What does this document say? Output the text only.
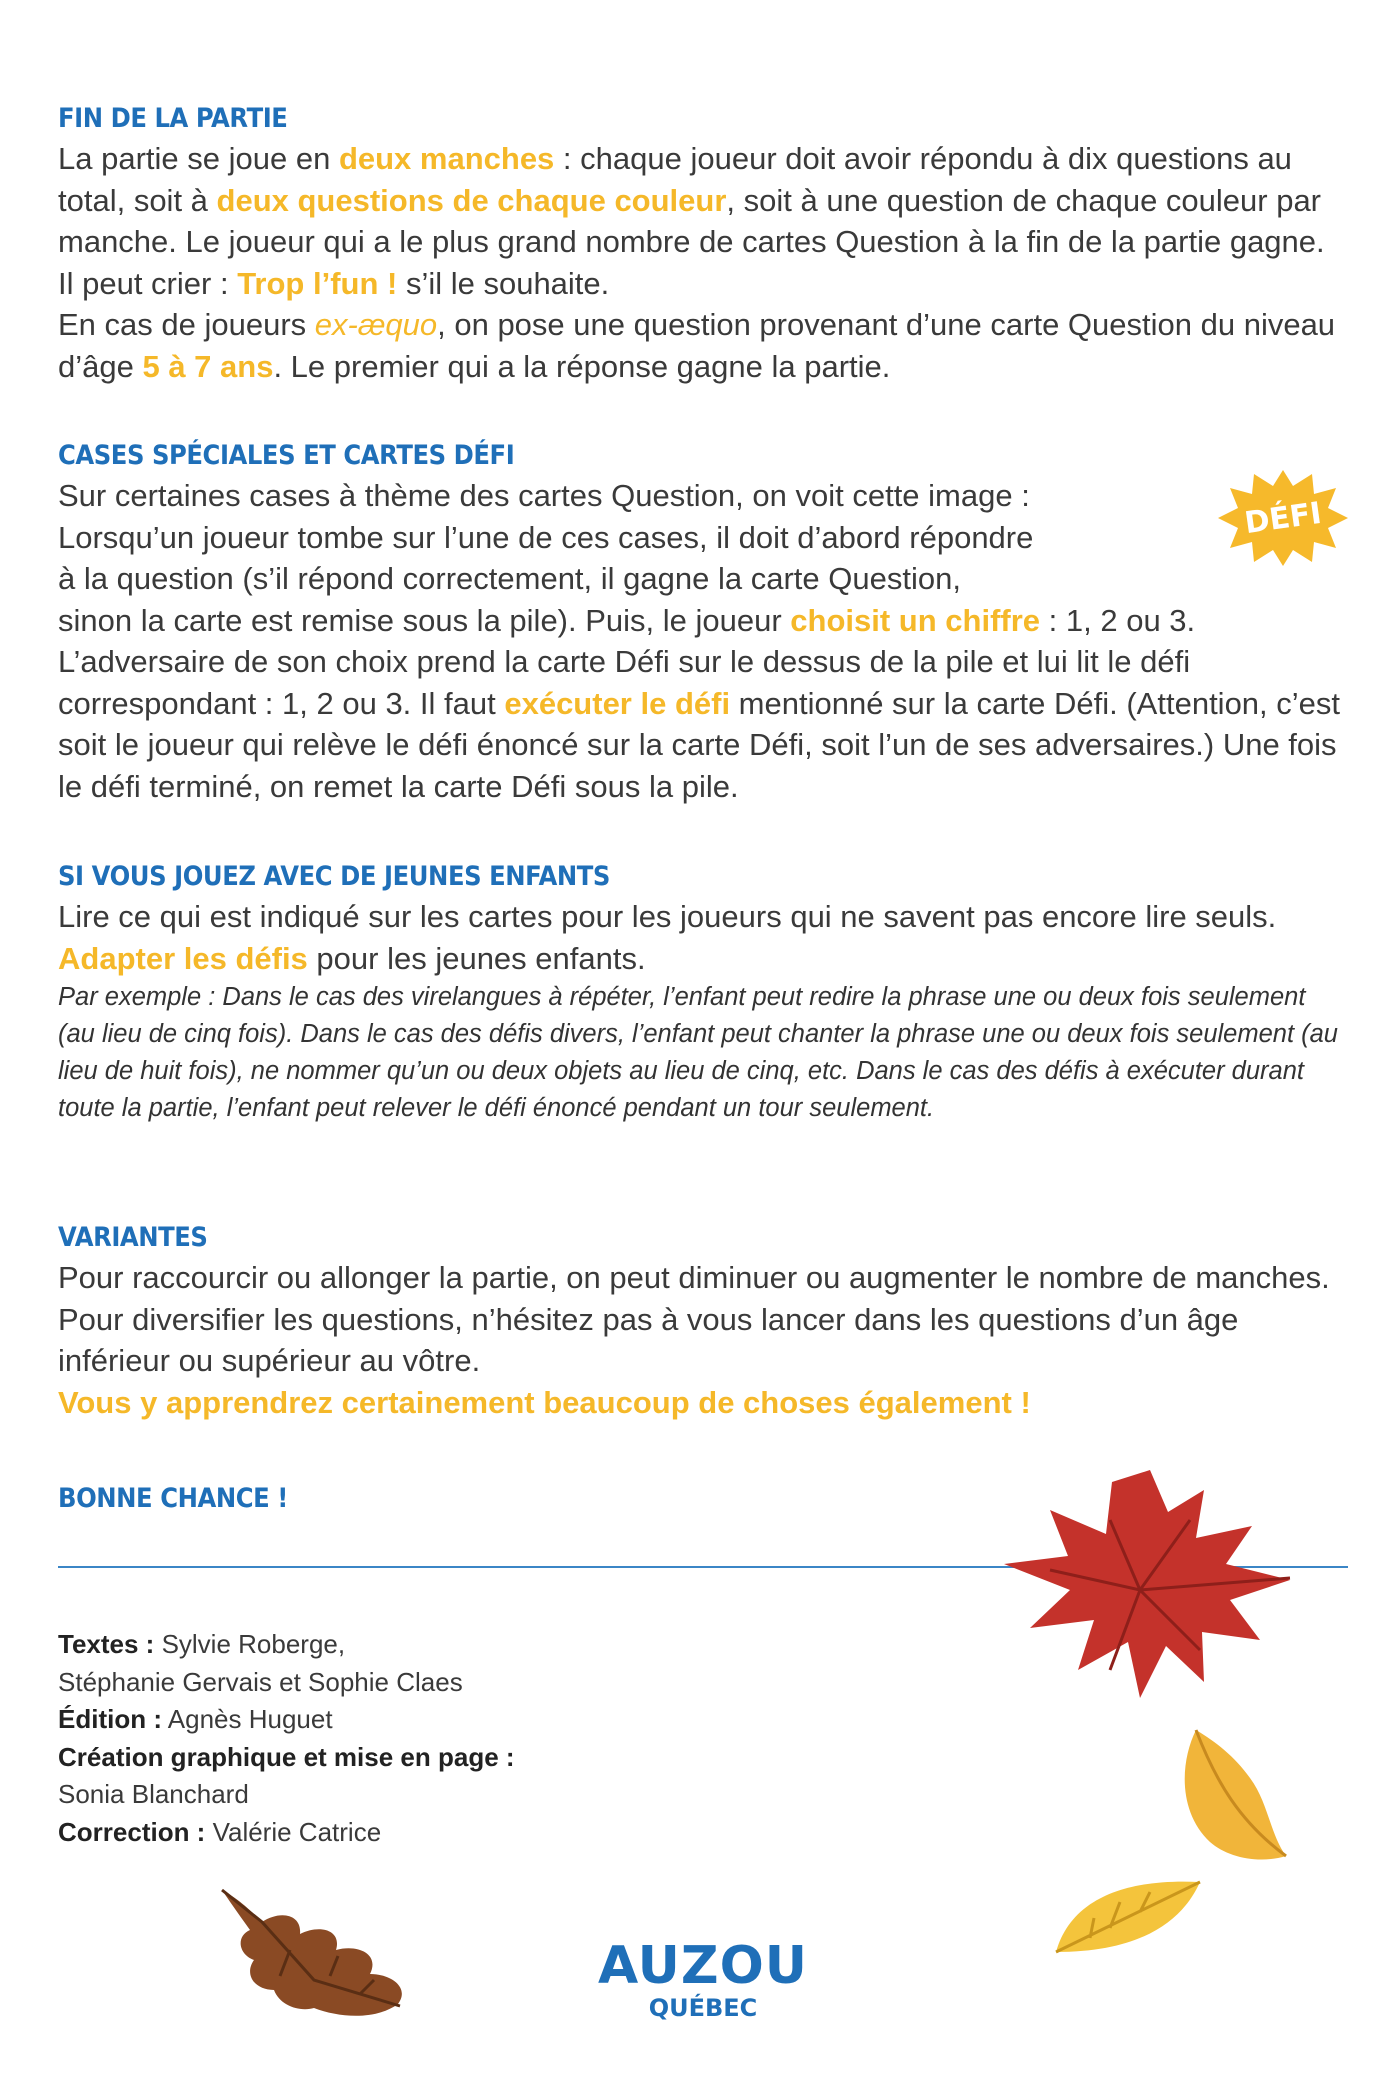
FIN DE LA PARTIE

La partie se joue en deux manches : chaque joueur doit avoir répondu à dix questions au total, soit à deux questions de chaque couleur, soit à une question de chaque couleur par manche. Le joueur qui a le plus grand nombre de cartes Question à la fin de la partie gagne. Il peut crier : Trop l’fun ! s’il le souhaite.
En cas de joueurs ex-æquo, on pose une question provenant d’une carte Question du niveau d’âge 5 à 7 ans. Le premier qui a la réponse gagne la partie.

CASES SPÉCIALES ET CARTES DÉFI

Sur certaines cases à thème des cartes Question, on voit cette image :
Lorsqu’un joueur tombe sur l’une de ces cases, il doit d’abord répondre
à la question (s’il répond correctement, il gagne la carte Question,
sinon la carte est remise sous la pile). Puis, le joueur choisit un chiffre : 1, 2 ou 3. L’adversaire de son choix prend la carte Défi sur le dessus de la pile et lui lit le défi correspondant : 1, 2 ou 3. Il faut exécuter le défi mentionné sur la carte Défi. (Attention, c’est soit le joueur qui relève le défi énoncé sur la carte Défi, soit l’un de ses adversaires.) Une fois le défi terminé, on remet la carte Défi sous la pile.

SI VOUS JOUEZ AVEC DE JEUNES ENFANTS

Lire ce qui est indiqué sur les cartes pour les joueurs qui ne savent pas encore lire seuls. Adapter les défis pour les jeunes enfants.

Par exemple : Dans le cas des virelangues à répéter, l’enfant peut redire la phrase une ou deux fois seulement (au lieu de cinq fois). Dans le cas des défis divers, l’enfant peut chanter la phrase une ou deux fois seulement (au lieu de huit fois), ne nommer qu’un ou deux objets au lieu de cinq, etc. Dans le cas des défis à exécuter durant toute la partie, l’enfant peut relever le défi énoncé pendant un tour seulement.

VARIANTES

Pour raccourcir ou allonger la partie, on peut diminuer ou augmenter le nombre de manches. Pour diversifier les questions, n’hésitez pas à vous lancer dans les questions d’un âge inférieur ou supérieur au vôtre.
Vous y apprendrez certainement beaucoup de choses également !

BONNE CHANCE !

Textes : Sylvie Roberge,
Stéphanie Gervais et Sophie Claes

Édition : Agnès Huguet

Création graphique et mise en page :
Sonia Blanchard

Correction : Valérie Catrice

DÉFI
AUZOU
QUÉBEC
